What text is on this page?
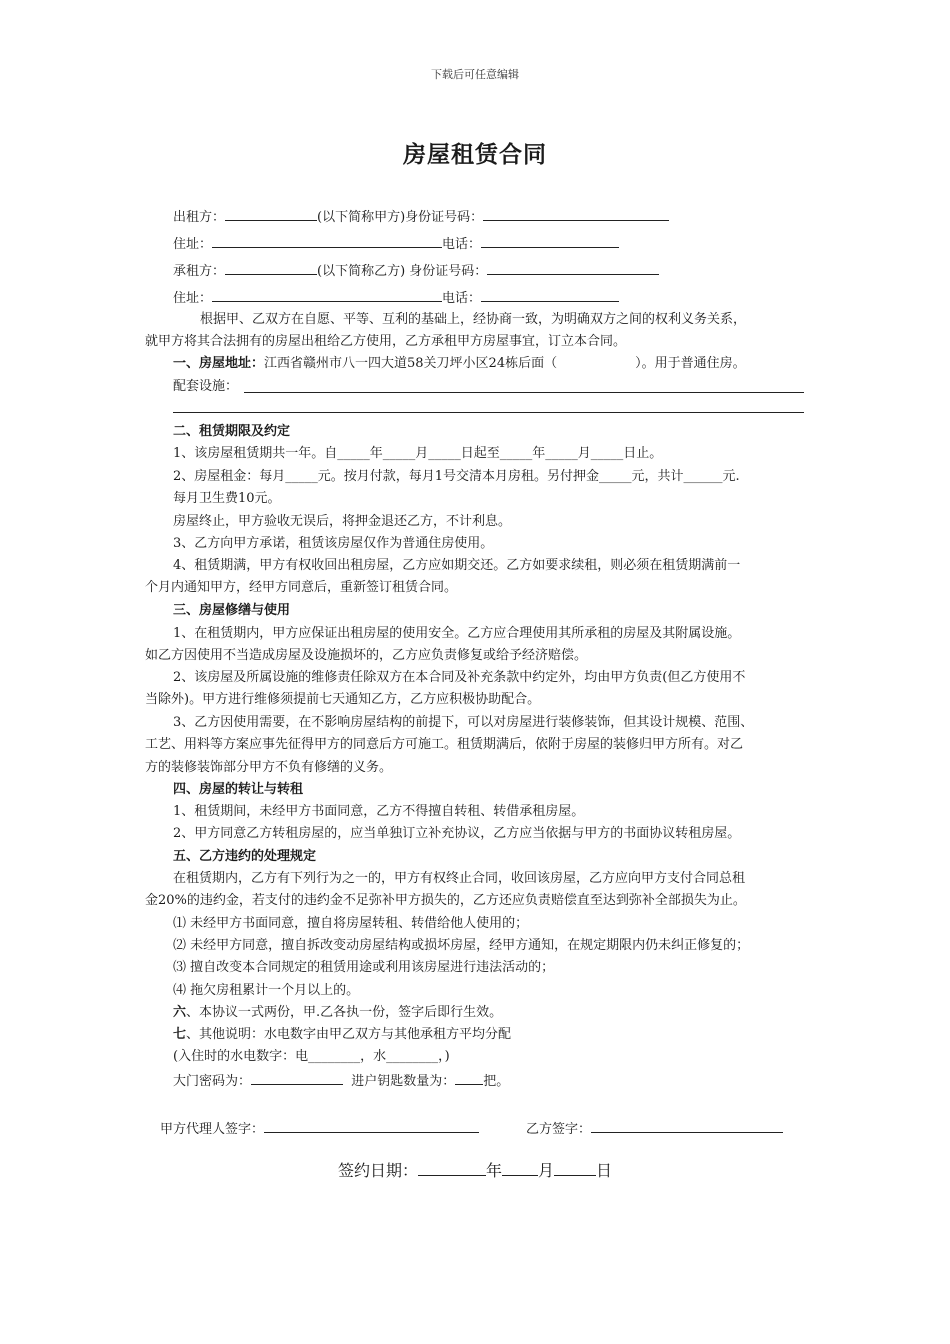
下载后可任意编辑
房屋租赁合同
出租方：	(以下简称甲方)身份证号码：
住址：	电话：
承租方：	(以下简称乙方) 身份证号码：
住址：	电话：
根据甲、乙双方在自愿、平等、互利的基础上，经协商一致，为明确双方之间的权利义务关系，
就甲方将其合法拥有的房屋出租给乙方使用，乙方承租甲方房屋事宜，订立本合同。
一、房屋地址：江西省赣州市八一四大道58关刀坪小区24栋后面（	）。用于普通住房。
配套设施：
二、租赁期限及约定
1、该房屋租赁期共一年。自_____年_____月_____日起至_____年_____月_____日止。
2、房屋租金：每月_____元。按月付款，每月1号交清本月房租。另付押金_____元，共计______元.
每月卫生费10元。
房屋终止，甲方验收无误后，将押金退还乙方，不计利息。
3、乙方向甲方承诺，租赁该房屋仅作为普通住房使用。
4、租赁期满，甲方有权收回出租房屋，乙方应如期交还。乙方如要求续租，则必须在租赁期满前一
个月内通知甲方，经甲方同意后，重新签订租赁合同。
三、房屋修缮与使用
1、在租赁期内，甲方应保证出租房屋的使用安全。乙方应合理使用其所承租的房屋及其附属设施。
如乙方因使用不当造成房屋及设施损坏的，乙方应负责修复或给予经济赔偿。
2、该房屋及所属设施的维修责任除双方在本合同及补充条款中约定外，均由甲方负责(但乙方使用不
当除外)。甲方进行维修须提前七天通知乙方，乙方应积极协助配合。
3、乙方因使用需要，在不影响房屋结构的前提下，可以对房屋进行装修装饰，但其设计规模、范围、
工艺、用料等方案应事先征得甲方的同意后方可施工。租赁期满后，依附于房屋的装修归甲方所有。对乙
方的装修装饰部分甲方不负有修缮的义务。
四、房屋的转让与转租
1、租赁期间，未经甲方书面同意，乙方不得擅自转租、转借承租房屋。
2、甲方同意乙方转租房屋的，应当单独订立补充协议，乙方应当依据与甲方的书面协议转租房屋。
五、乙方违约的处理规定
在租赁期内，乙方有下列行为之一的，甲方有权终止合同，收回该房屋，乙方应向甲方支付合同总租
金20%的违约金，若支付的违约金不足弥补甲方损失的，乙方还应负责赔偿直至达到弥补全部损失为止。
⑴ 未经甲方书面同意，擅自将房屋转租、转借给他人使用的；
⑵ 未经甲方同意，擅自拆改变动房屋结构或损坏房屋，经甲方通知，在规定期限内仍未纠正修复的；
⑶ 擅自改变本合同规定的租赁用途或利用该房屋进行违法活动的；
⑷ 拖欠房租累计一个月以上的。
六、本协议一式两份，甲.乙各执一份，签字后即行生效。
七、其他说明：水电数字由甲乙双方与其他承租方平均分配
(入住时的水电数字：电________，水________，)
大门密码为：	进户钥匙数量为： 把。
甲方代理人签字：	乙方签字：
签约日期：	年 月	日
